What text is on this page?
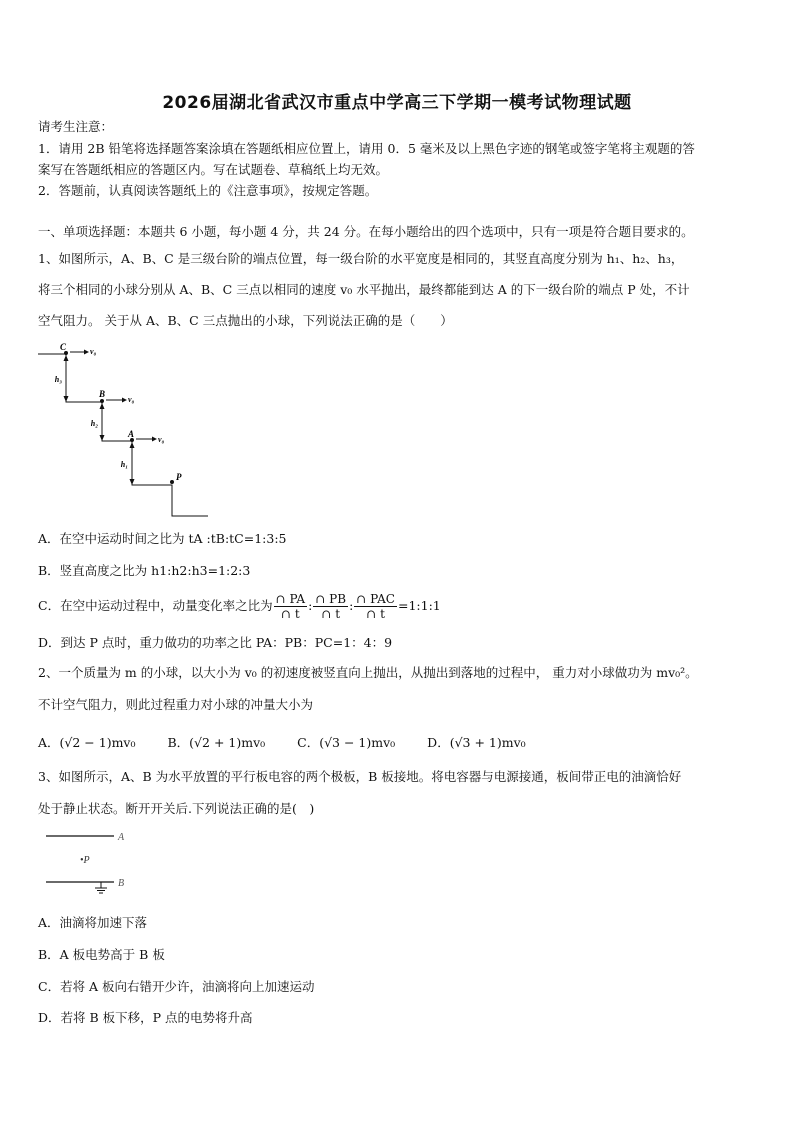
2026届湖北省武汉市重点中学高三下学期一模考试物理试题
请考生注意：
1．请用 2B 铅笔将选择题答案涂填在答题纸相应位置上，请用 0．5 毫米及以上黑色字迹的钢笔或签字笔将主观题的答
案写在答题纸相应的答题区内。写在试题卷、草稿纸上均无效。
2．答题前，认真阅读答题纸上的《注意事项》，按规定答题。
一、单项选择题：本题共 6 小题，每小题 4 分，共 24 分。在每小题给出的四个选项中，只有一项是符合题目要求的。
1、如图所示，A、B、C 是三级台阶的端点位置，每一级台阶的水平宽度是相同的，其竖直高度分别为 h₁、h₂、h₃，
将三个相同的小球分别从 A、B、C 三点以相同的速度 v₀ 水平抛出，最终都能到达 A 的下一级台阶的端点 P 处，不计
空气阻力。 关于从 A、B、C 三点抛出的小球，下列说法正确的是（　　）
C	v₀
h₃
B
v₀
h₂
A
v₀
h₁
P
A．在空中运动时间之比为 tA :tB:tC=1:3:5
B．竖直高度之比为 h1:h2:h3=1:2:3
C．在空中运动过程中，动量变化率之比为 $\frac{\cap PA}{\cap t}$ : $\frac{\cap PB}{\cap t}$ : $\frac{\text{∩ PAC}}{\cap t}$ =1:1:1
D．到达 P 点时，重力做功的功率之比 PA：PB：PC=1：4：9
2、一个质量为 m 的小球，以大小为 v₀ 的初速度被竖直向上抛出，从抛出到落地的过程中， 重力对小球做功为 mv₀²。
不计空气阻力，则此过程重力对小球的冲量大小为
A．(√2 − 1)mv₀	B．(√2 + 1)mv₀	C．(√3 − 1)mv₀	D．(√3 + 1)mv₀
3、如图所示，A、B 为水平放置的平行板电容的两个极板，B 板接地。将电容器与电源接通，板间带正电的油滴恰好
处于静止状态。断开开关后.下列说法正确的是(　)
A
•P
B
A．油滴将加速下落
B．A 板电势高于 B 板
C．若将 A 板向右错开少许，油滴将向上加速运动
D．若将 B 板下移，P 点的电势将升高
